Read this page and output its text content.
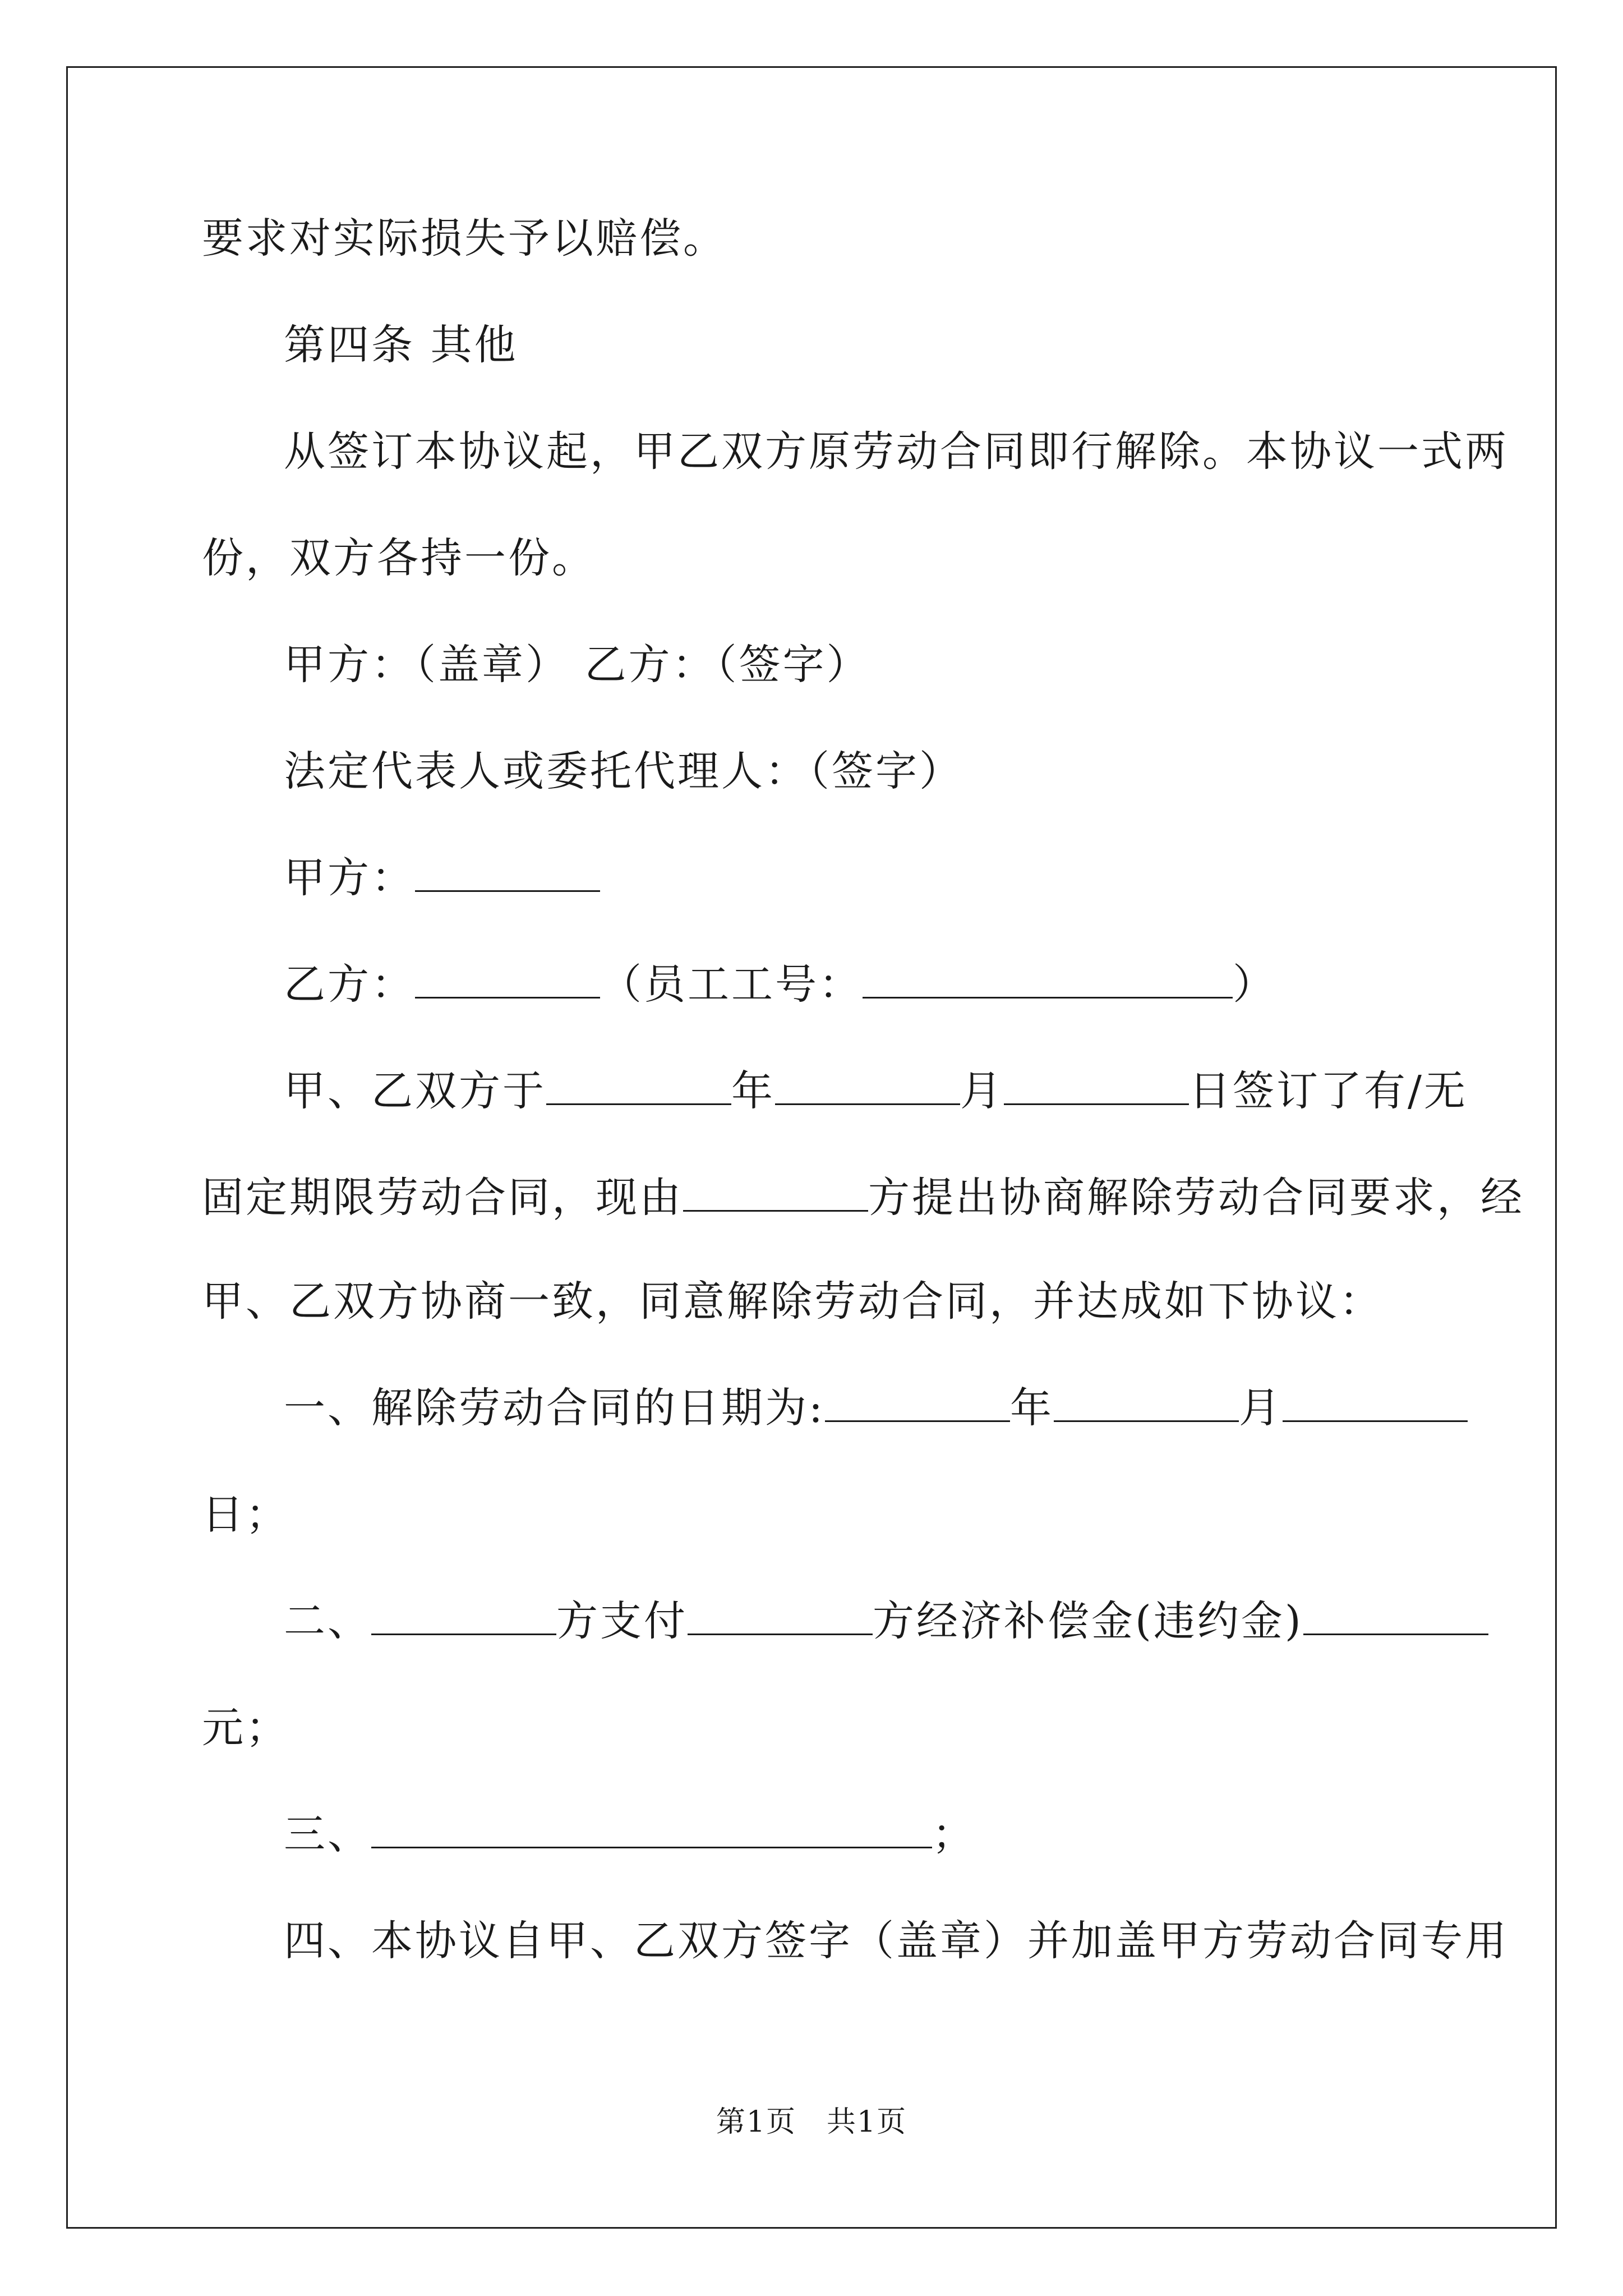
要求对实际损失予以赔偿。
第四条 其他
从签订本协议起，甲乙双方原劳动合同即行解除。本协议一式两
份，双方各持一份。
甲方：（盖章） 乙方：（签字）
法定代表人或委托代理人：（签字）
甲方：
乙方：	（员工工号：	）
甲、乙双方于	年	月	日签订了有/无
固定期限劳动合同，现由	方提出协商解除劳动合同要求，经
甲、乙双方协商一致，同意解除劳动合同，并达成如下协议：
一、解除劳动合同的日期为:	年	月
日；
二、	方支付	方经济补偿金(违约金)
元；
三、	；
四、本协议自甲、乙双方签字（盖章）并加盖甲方劳动合同专用
第1页　共1页
